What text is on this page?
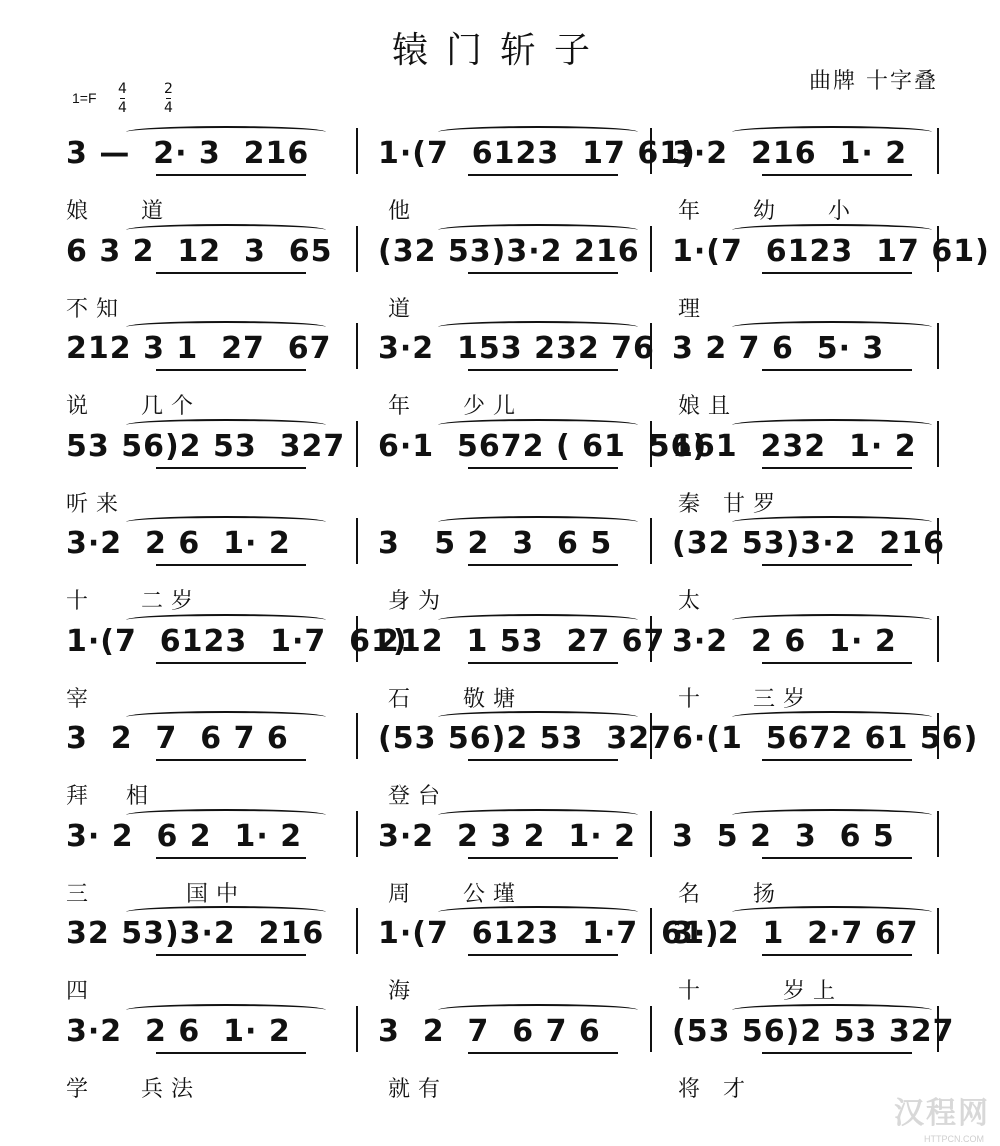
辕门斩子
曲牌 十字叠
1=F
4
4
2
4
3 —  2· 3  216 1·(7  6123  17 61)
3·2  216  1· 2
娘   道	他	年   幼   小
6 3 2  12  3  65 (32 53)3·2 216 1·(7  6123  17 61)
不知	道	理
212 3 1  27  67 3·2  153 232 76 3 2 7 6  5· 3
说   几个	年   少儿	娘且
53 56)2 53  327 6·1  5672 ( 61  56)
161  232  1· 2
听来	秦 甘罗
3·2  2 6  1· 2	3   5 2  3  6 5 (32 53)3·2  216
十   二岁	身为	太
1·(7  6123  1·7  61)
212  1 53  27 67 3·2  2 6  1· 2
宰	石   敬塘	十   三岁
3  2  7  6 7 6	(53 56)2 53  327 6·(1  5672 61 56)
拜  相	登台
3· 2  6 2  1· 2	3·2  2 3 2  1· 2 3  5 2  3  6 5
三      国中	周   公瑾	名   扬
32 53)3·2  216 1·(7  6123  1·7  61)
3· 2  1  2·7 67
四	海	十     岁上
3·2  2 6  1· 2	3  2  7  6 7 6 (53 56)2 53 327
学   兵法	就有	将 才
汉程网
HTTPCN.COM
